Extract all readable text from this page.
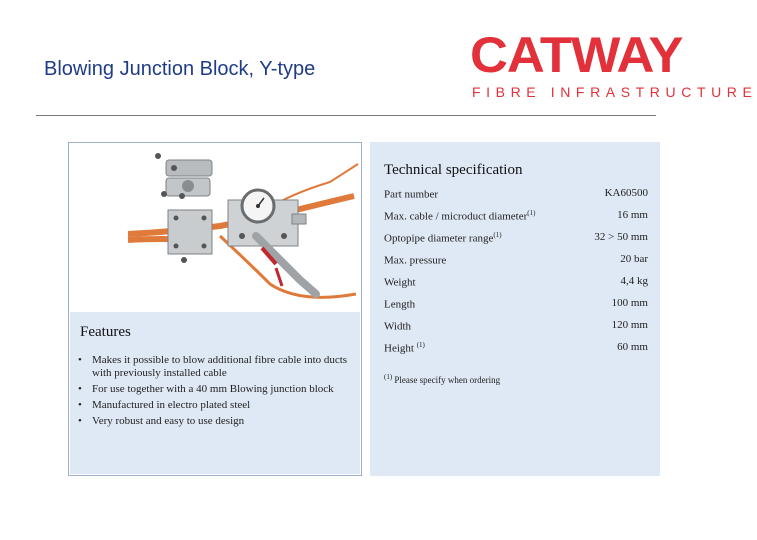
Blowing Junction Block, Y-type	CATWAY
FIBRE INFRASTRUCTURE
Features
• Makes it possible to blow additional fibre cable into ducts with previously installed cable
• For use together with a 40 mm Blowing junction block
• Manufactured in electro plated steel
• Very robust and easy to use design
Technical specification
Part number	KA60500
Max. cable / microduct diameter$^{(1)}$	16 mm
Optopipe diameter range$^{(1)}$	32 > 50 mm
Max. pressure	20 bar
Weight	4,4 kg
Length	100 mm
Width	120 mm
Height $^{(1)}$	60 mm
$^{(1)}$ Please specify when ordering
